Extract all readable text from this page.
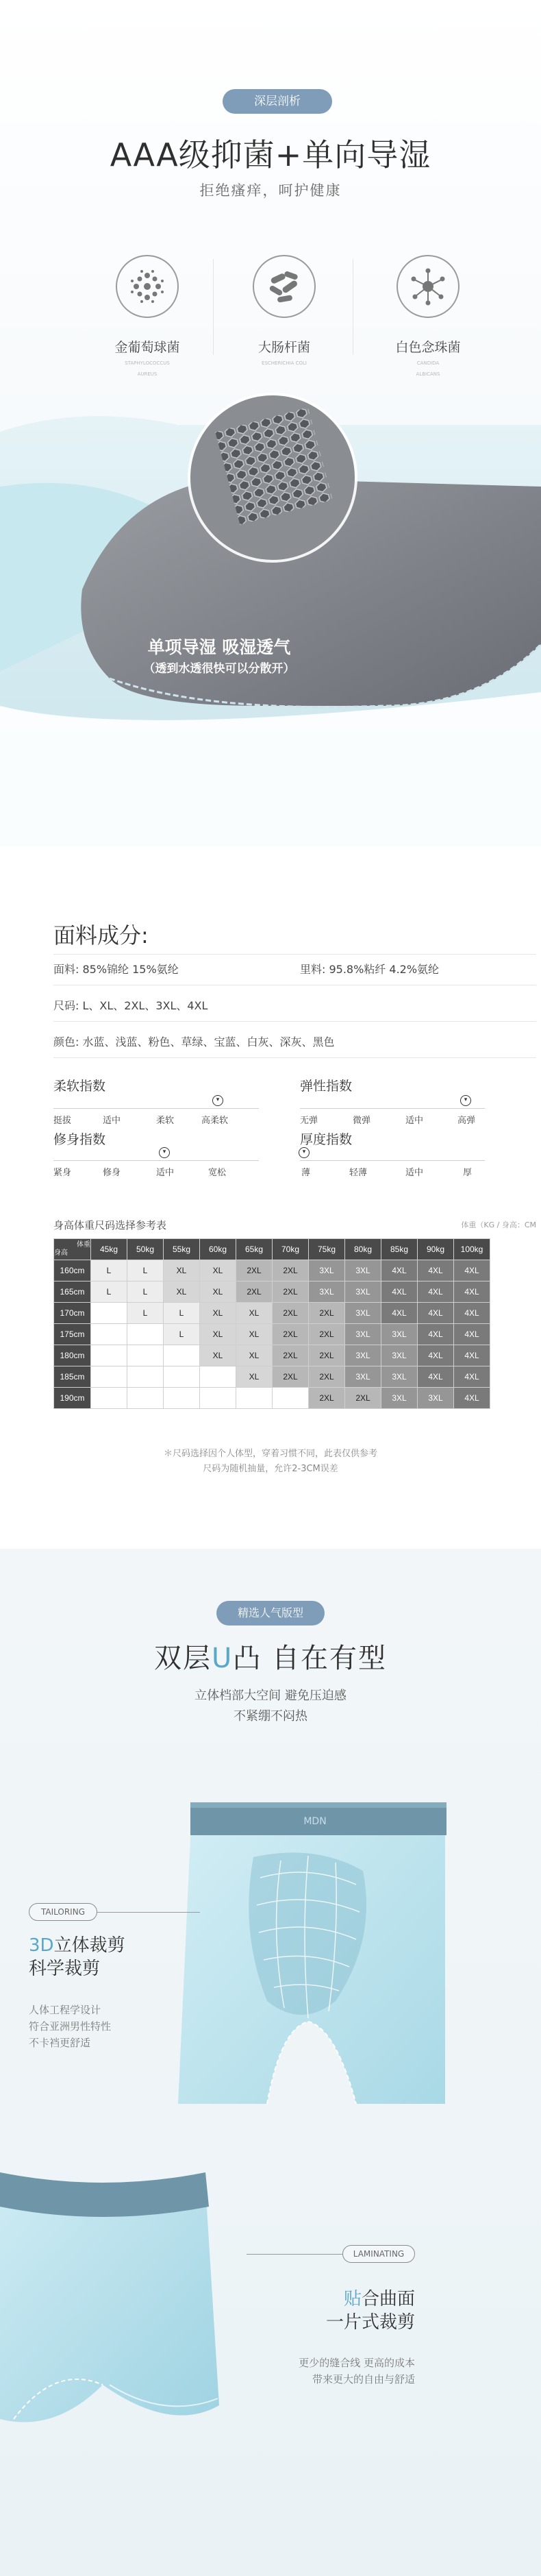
深层剖析
AAA级抑菌+单向导湿
拒绝瘙痒，呵护健康
金葡萄球菌
STAPHYLOCOCCUS
AUREUS
大肠杆菌
ESCHERICHIA COLI
白色念珠菌
CANDIDA
ALBICANS
单项导湿 吸湿透气
（透到水透很快可以分散开）
面料成分:
面料: 85%锦纶 15%氨纶	里料: 95.8%粘纤 4.2%氨纶
尺码: L、XL、2XL、3XL、4XL
颜色: 水蓝、浅蓝、粉色、草绿、宝蓝、白灰、深灰、黑色
柔软指数
▾
挺拔	适中	柔软	高柔软
弹性指数
▾
无弹	微弹	适中	高弹
修身指数
▾
紧身	修身	适中	宽松
厚度指数
▾
薄	轻薄	适中	厚
身高体重尺码选择参考表	体重（KG / 身高：CM
体重
身高	45kg	50kg	55kg	60kg	65kg	70kg	75kg	80kg	85kg	90kg	100kg
160cm	L	L	XL	XL	2XL	2XL	3XL	3XL	4XL	4XL	4XL
165cm	L	L	XL	XL	2XL	2XL	3XL	3XL	4XL	4XL	4XL
170cm		L	L	XL	XL	2XL	2XL	3XL	4XL	4XL	4XL
175cm			L	XL	XL	2XL	2XL	3XL	3XL	4XL	4XL
180cm				XL	XL	2XL	2XL	3XL	3XL	4XL	4XL
185cm					XL	2XL	2XL	3XL	3XL	4XL	4XL
190cm							2XL	2XL	3XL	3XL	4XL
＊尺码选择因个人体型，穿着习惯不同，此表仅供参考
尺码为随机抽量，允许2-3CM误差
精选人气版型
双层U凸 自在有型
立体档部大空间 避免压迫感
不紧绷不闷热
MDN
TAILORING
3D立体裁剪
科学裁剪
人体工程学设计
符合亚洲男性特性
不卡裆更舒适
LAMINATING
贴合曲面
一片式裁剪
更少的缝合线 更高的成本
带来更大的自由与舒适
